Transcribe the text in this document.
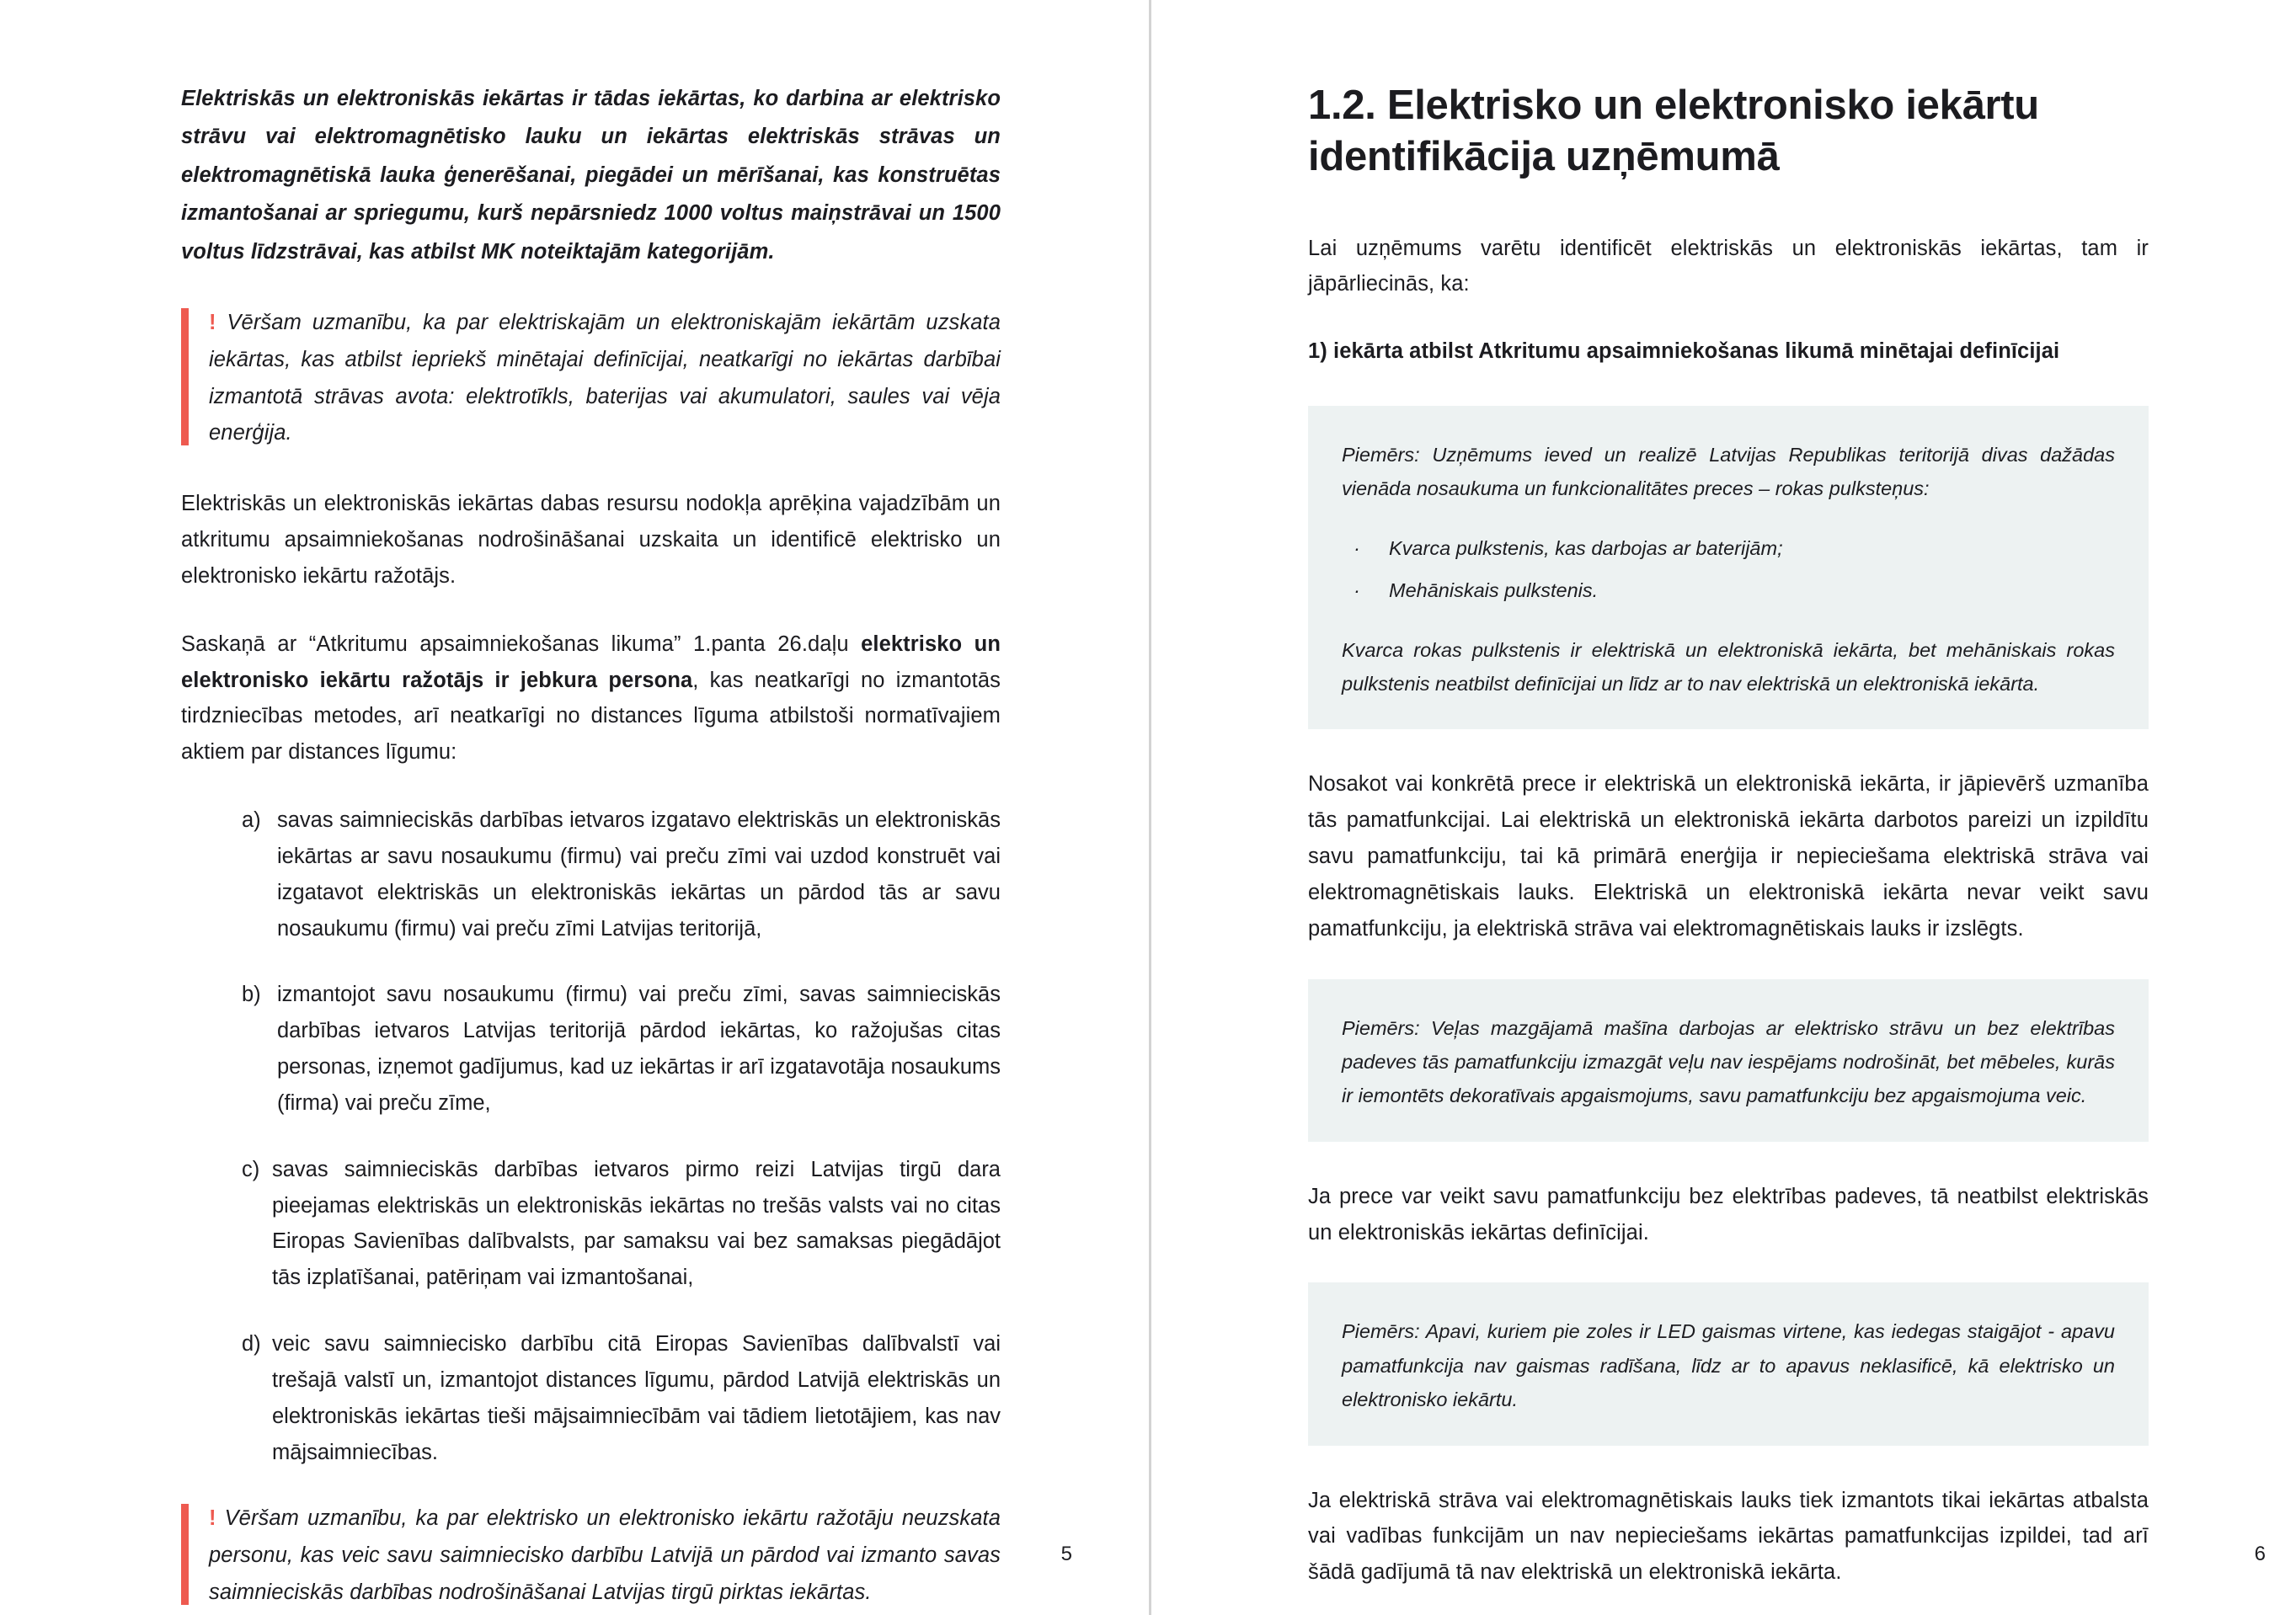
Elektriskās un elektroniskās iekārtas ir tādas iekārtas, ko darbina ar elektrisko strāvu vai elektromagnētisko lauku un iekārtas elektriskās strāvas un elektromagnētiskā lauka ģenerēšanai, piegādei un mērīšanai, kas konstruētas izmantošanai ar spriegumu, kurš nepārsniedz 1000 voltus maiņstrāvai un 1500 voltus līdzstrāvai, kas atbilst MK noteiktajām kategorijām.

! Vēršam uzmanību, ka par elektriskajām un elektroniskajām iekārtām uzskata iekārtas, kas atbilst iepriekš minētajai definīcijai, neatkarīgi no iekārtas darbībai izmantotā strāvas avota: elektrotīkls, baterijas vai akumulatori, saules vai vēja enerģija.

Elektriskās un elektroniskās iekārtas dabas resursu nodokļa aprēķina vajadzībām un atkritumu apsaimniekošanas nodrošināšanai uzskaita un identificē elektrisko un elektronisko iekārtu ražotājs.

Saskaņā ar “Atkritumu apsaimniekošanas likuma” 1.panta 26.daļu elektrisko un elektronisko iekārtu ražotājs ir jebkura persona, kas neatkarīgi no izmantotās tirdzniecības metodes, arī neatkarīgi no distances līguma atbilstoši normatīvajiem aktiem par distances līgumu:

a) savas saimnieciskās darbības ietvaros izgatavo elektriskās un elektroniskās iekārtas ar savu nosaukumu (firmu) vai preču zīmi vai uzdod konstruēt vai izgatavot elektriskās un elektroniskās iekārtas un pārdod tās ar savu nosaukumu (firmu) vai preču zīmi Latvijas teritorijā,
b) izmantojot savu nosaukumu (firmu) vai preču zīmi, savas saimnieciskās darbības ietvaros Latvijas teritorijā pārdod iekārtas, ko ražojušas citas personas, izņemot gadījumus, kad uz iekārtas ir arī izgatavotāja nosaukums (firma) vai preču zīme,
c) savas saimnieciskās darbības ietvaros pirmo reizi Latvijas tirgū dara pieejamas elektriskās un elektroniskās iekārtas no trešās valsts vai no citas Eiropas Savienības dalībvalsts, par samaksu vai bez samaksas piegādājot tās izplatīšanai, patēriņam vai izmantošanai,
d) veic savu saimniecisko darbību citā Eiropas Savienības dalībvalstī vai trešajā valstī un, izmantojot distances līgumu, pārdod Latvijā elektriskās un elektroniskās iekārtas tieši mājsaimniecībām vai tādiem lietotājiem, kas nav mājsaimniecības.

! Vēršam uzmanību, ka par elektrisko un elektronisko iekārtu ražotāju neuzskata personu, kas veic savu saimniecisko darbību Latvijā un pārdod vai izmanto savas saimnieciskās darbības nodrošināšanai Latvijas tirgū pirktas iekārtas.

5
1.2. Elektrisko un elektronisko iekārtu identifikācija uzņēmumā

Lai uzņēmums varētu identificēt elektriskās un elektroniskās iekārtas, tam ir jāpārliecinās, ka:

1) iekārta atbilst Atkritumu apsaimniekošanas likumā minētajai definīcijai

Piemērs: Uzņēmums ieved un realizē Latvijas Republikas teritorijā divas dažādas vienāda nosaukuma un funkcionalitātes preces – rokas pulksteņus:
·	Kvarca pulkstenis, kas darbojas ar baterijām;
·	Mehāniskais pulkstenis.
Kvarca rokas pulkstenis ir elektriskā un elektroniskā iekārta, bet mehāniskais rokas pulkstenis neatbilst definīcijai un līdz ar to nav elektriskā un elektroniskā iekārta.

Nosakot vai konkrētā prece ir elektriskā un elektroniskā iekārta, ir jāpievērš uzmanība tās pamatfunkcijai. Lai elektriskā un elektroniskā iekārta darbotos pareizi un izpildītu savu pamatfunkciju, tai kā primārā enerģija ir nepieciešama elektriskā strāva vai elektromagnētiskais lauks. Elektriskā un elektroniskā iekārta nevar veikt savu pamatfunkciju, ja elektriskā strāva vai elektromagnētiskais lauks ir izslēgts.

Piemērs: Veļas mazgājamā mašīna darbojas ar elektrisko strāvu un bez elektrības padeves tās pamatfunkciju izmazgāt veļu nav iespējams nodrošināt, bet mēbeles, kurās ir iemontēts dekoratīvais apgaismojums, savu pamatfunkciju bez apgaismojuma veic.

Ja prece var veikt savu pamatfunkciju bez elektrības padeves, tā neatbilst elektriskās un elektroniskās iekārtas definīcijai.

Piemērs: Apavi, kuriem pie zoles ir LED gaismas virtene, kas iedegas staigājot - apavu pamatfunkcija nav gaismas radīšana, līdz ar to apavus neklasificē, kā elektrisko un elektronisko iekārtu.

Ja elektriskā strāva vai elektromagnētiskais lauks tiek izmantots tikai iekārtas atbalsta vai vadības funkcijām un nav nepieciešams iekārtas pamatfunkcijas izpildei, tad arī šādā gadījumā tā nav elektriskā un elektroniskā iekārta.

6
